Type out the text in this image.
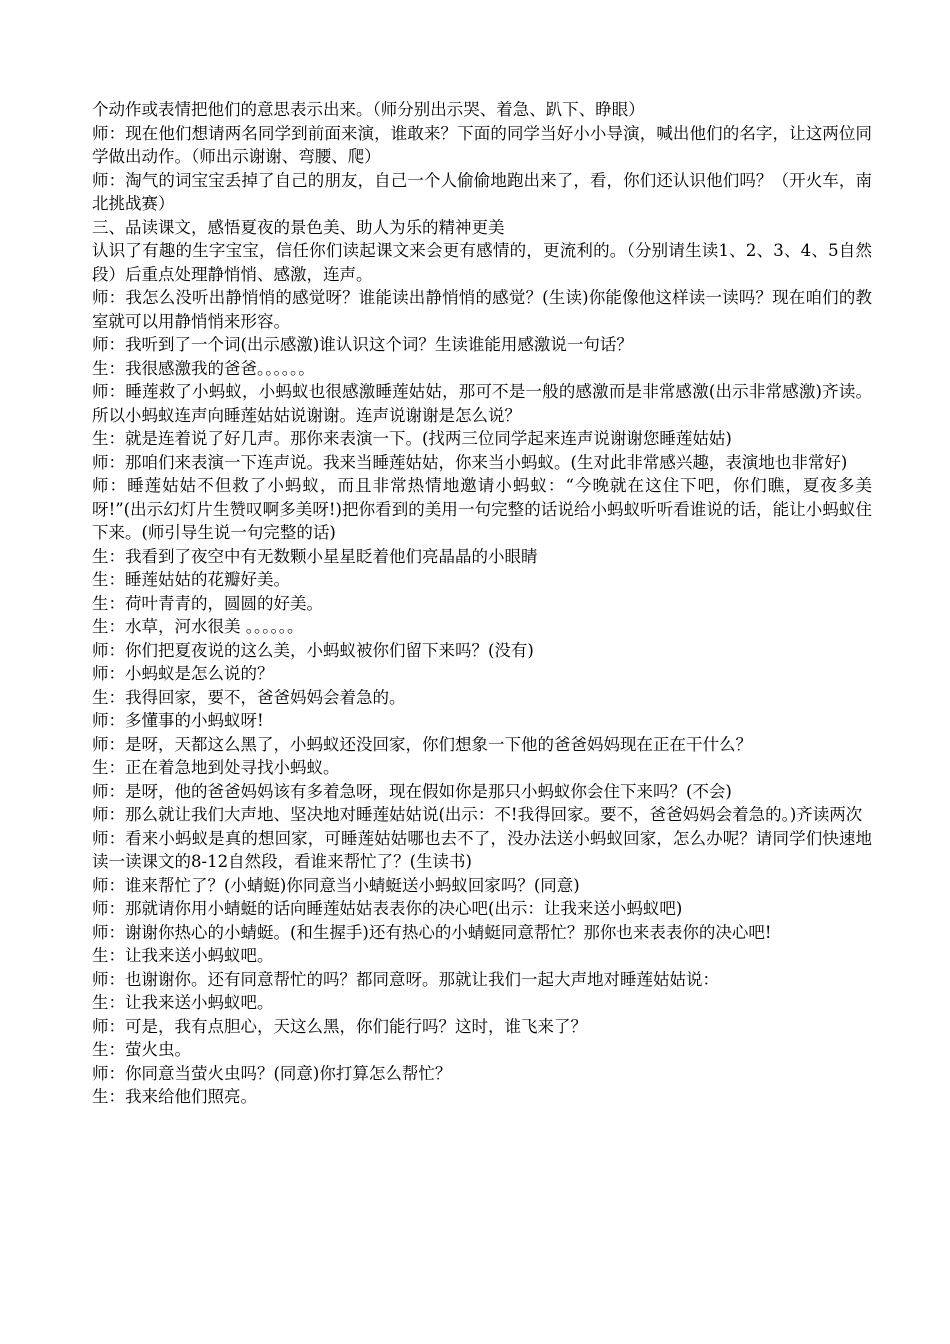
个动作或表情把他们的意思表示出来。（师分别出示哭、着急、趴下、睁眼）

师：现在他们想请两名同学到前面来演，谁敢来？下面的同学当好小小导演，喊出他们的名字，让这两位同学做出动作。（师出示谢谢、弯腰、爬）

师：淘气的词宝宝丢掉了自己的朋友，自己一个人偷偷地跑出来了，看，你们还认识他们吗？（开火车，南北挑战赛）

三、品读课文，感悟夏夜的景色美、助人为乐的精神更美

认识了有趣的生字宝宝，信任你们读起课文来会更有感情的，更流利的。（分别请生读1、2、3、4、5自然段）后重点处理静悄悄、感激，连声。

师：我怎么没听出静悄悄的感觉呀？谁能读出静悄悄的感觉？(生读)你能像他这样读一读吗？现在咱们的教室就可以用静悄悄来形容。

师：我听到了一个词(出示感激)谁认识这个词？生读谁能用感激说一句话？

生：我很感激我的爸爸。。。。。。

师：睡莲救了小蚂蚁，小蚂蚁也很感激睡莲姑姑，那可不是一般的感激而是非常感激(出示非常感激)齐读。所以小蚂蚁连声向睡莲姑姑说谢谢。连声说谢谢是怎么说？

生：就是连着说了好几声。那你来表演一下。(找两三位同学起来连声说谢谢您睡莲姑姑)

师：那咱们来表演一下连声说。我来当睡莲姑姑，你来当小蚂蚁。(生对此非常感兴趣，表演地也非常好)

师：睡莲姑姑不但救了小蚂蚁，而且非常热情地邀请小蚂蚁：“今晚就在这住下吧，你们瞧，夏夜多美呀!”(出示幻灯片生赞叹啊多美呀!)把你看到的美用一句完整的话说给小蚂蚁听听看谁说的话，能让小蚂蚁住下来。(师引导生说一句完整的话)

生：我看到了夜空中有无数颗小星星眨着他们亮晶晶的小眼睛

生：睡莲姑姑的花瓣好美。

生：荷叶青青的，圆圆的好美。

生：水草，河水很美 。。。。。。

师：你们把夏夜说的这么美，小蚂蚁被你们留下来吗？(没有)

师：小蚂蚁是怎么说的？

生：我得回家，要不，爸爸妈妈会着急的。

师：多懂事的小蚂蚁呀!

师：是呀，天都这么黑了，小蚂蚁还没回家，你们想象一下他的爸爸妈妈现在正在干什么？

生：正在着急地到处寻找小蚂蚁。

师：是呀，他的爸爸妈妈该有多着急呀，现在假如你是那只小蚂蚁你会住下来吗？(不会)

师：那么就让我们大声地、坚决地对睡莲姑姑说(出示：不!我得回家。要不，爸爸妈妈会着急的。)齐读两次

师：看来小蚂蚁是真的想回家，可睡莲姑姑哪也去不了，没办法送小蚂蚁回家，怎么办呢？请同学们快速地读一读课文的8-12自然段，看谁来帮忙了？(生读书)

师：谁来帮忙了？(小蜻蜓)你同意当小蜻蜓送小蚂蚁回家吗？(同意)

师：那就请你用小蜻蜓的话向睡莲姑姑表表你的决心吧(出示：让我来送小蚂蚁吧)

师：谢谢你热心的小蜻蜓。(和生握手)还有热心的小蜻蜓同意帮忙？那你也来表表你的决心吧!

生：让我来送小蚂蚁吧。

师：也谢谢你。还有同意帮忙的吗？都同意呀。那就让我们一起大声地对睡莲姑姑说：

生：让我来送小蚂蚁吧。

师：可是，我有点胆心，天这么黑，你们能行吗？这时，谁飞来了？

生：萤火虫。

师：你同意当萤火虫吗？(同意)你打算怎么帮忙？

生：我来给他们照亮。
